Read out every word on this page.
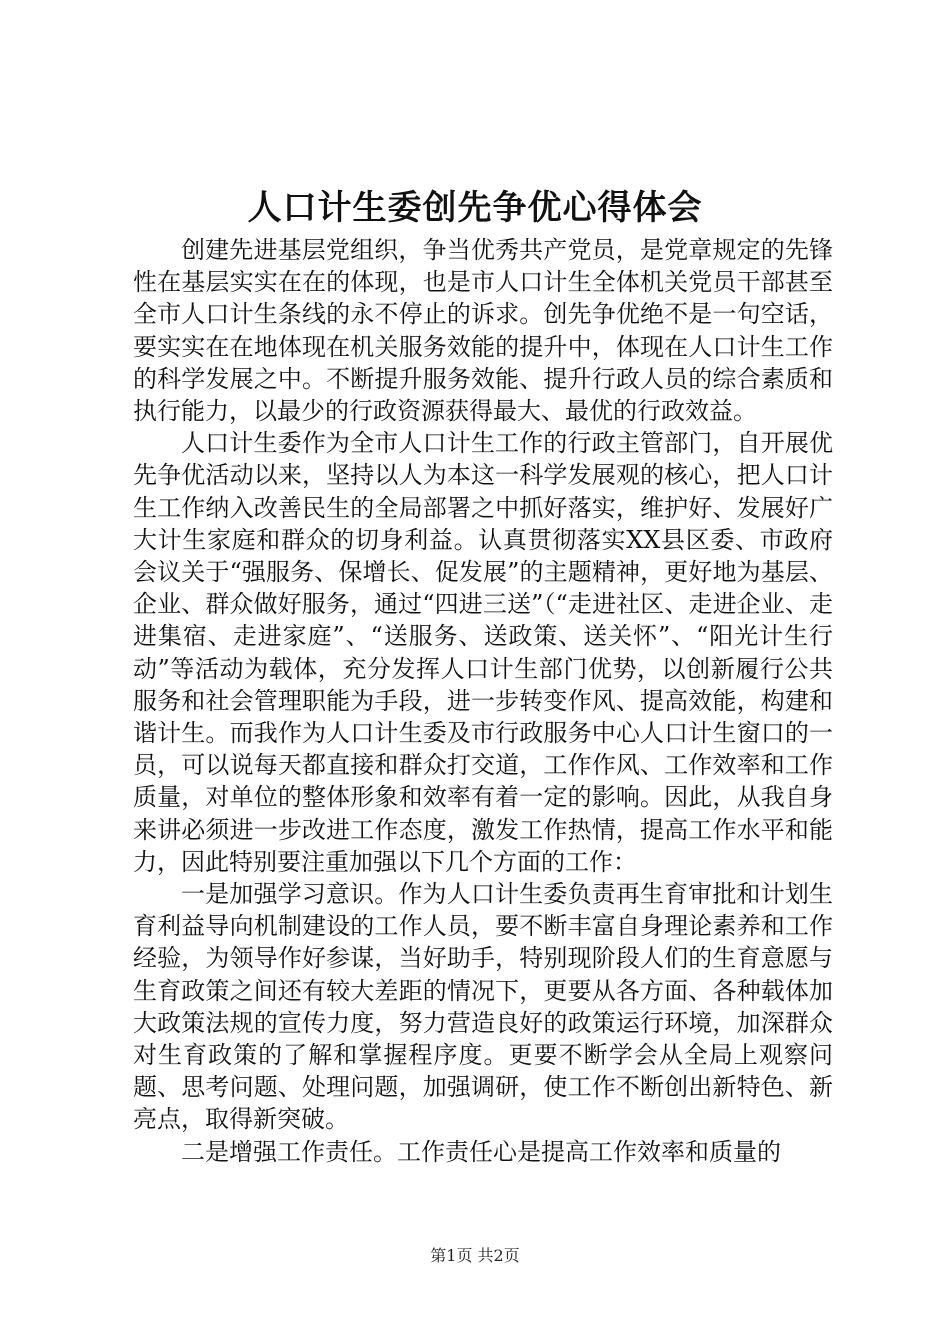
人口计生委创先争优心得体会

创建先进基层党组织，争当优秀共产党员，是党章规定的先锋性在基层实实在在的体现，也是市人口计生全体机关党员干部甚至全市人口计生条线的永不停止的诉求。创先争优绝不是一句空话，要实实在在地体现在机关服务效能的提升中，体现在人口计生工作的科学发展之中。不断提升服务效能、提升行政人员的综合素质和执行能力，以最少的行政资源获得最大、最优的行政效益。

人口计生委作为全市人口计生工作的行政主管部门，自开展优先争优活动以来，坚持以人为本这一科学发展观的核心，把人口计生工作纳入改善民生的全局部署之中抓好落实，维护好、发展好广大计生家庭和群众的切身利益。认真贯彻落实XX县区委、市政府会议关于“强服务、保增长、促发展”的主题精神，更好地为基层、企业、群众做好服务，通过“四进三送”（“走进社区、走进企业、走进集宿、走进家庭”、“送服务、送政策、送关怀”、“阳光计生行动”等活动为载体，充分发挥人口计生部门优势，以创新履行公共服务和社会管理职能为手段，进一步转变作风、提高效能，构建和谐计生。而我作为人口计生委及市行政服务中心人口计生窗口的一员，可以说每天都直接和群众打交道，工作作风、工作效率和工作质量，对单位的整体形象和效率有着一定的影响。因此，从我自身来讲必须进一步改进工作态度，激发工作热情，提高工作水平和能力，因此特别要注重加强以下几个方面的工作：

一是加强学习意识。作为人口计生委负责再生育审批和计划生育利益导向机制建设的工作人员，要不断丰富自身理论素养和工作经验，为领导作好参谋，当好助手，特别现阶段人们的生育意愿与生育政策之间还有较大差距的情况下，更要从各方面、各种载体加大政策法规的宣传力度，努力营造良好的政策运行环境，加深群众对生育政策的了解和掌握程序度。更要不断学会从全局上观察问题、思考问题、处理问题，加强调研，使工作不断创出新特色、新亮点，取得新突破。

二是增强工作责任。工作责任心是提高工作效率和质量的

第1页 共2页
